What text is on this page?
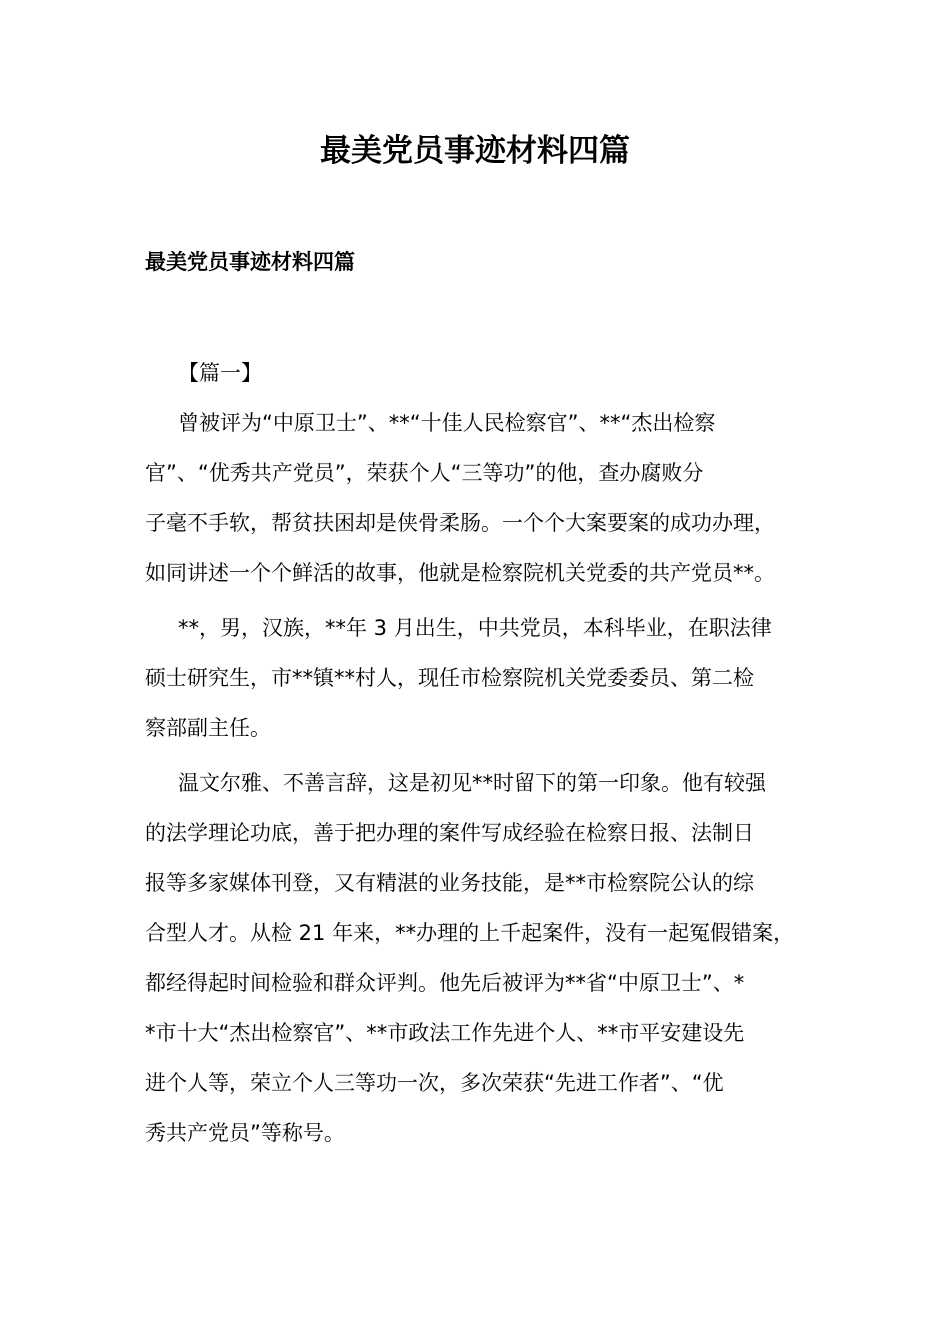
最美党员事迹材料四篇
最美党员事迹材料四篇

【篇一】

曾被评为“中原卫士”、**“十佳人民检察官”、**“杰出检察

官”、“优秀共产党员”，荣获个人“三等功”的他，查办腐败分

子毫不手软，帮贫扶困却是侠骨柔肠。一个个大案要案的成功办理，

如同讲述一个个鲜活的故事，他就是检察院机关党委的共产党员**。

**，男，汉族，**年 3 月出生，中共党员，本科毕业，在职法律

硕士研究生，市**镇**村人，现任市检察院机关党委委员、第二检

察部副主任。

温文尔雅、不善言辞，这是初见**时留下的第一印象。他有较强

的法学理论功底，善于把办理的案件写成经验在检察日报、法制日

报等多家媒体刊登，又有精湛的业务技能，是**市检察院公认的综

合型人才。从检 21 年来，**办理的上千起案件，没有一起冤假错案，

都经得起时间检验和群众评判。他先后被评为**省“中原卫士”、*

*市十大“杰出检察官”、**市政法工作先进个人、**市平安建设先

进个人等，荣立个人三等功一次，多次荣获“先进工作者”、“优

秀共产党员”等称号。
